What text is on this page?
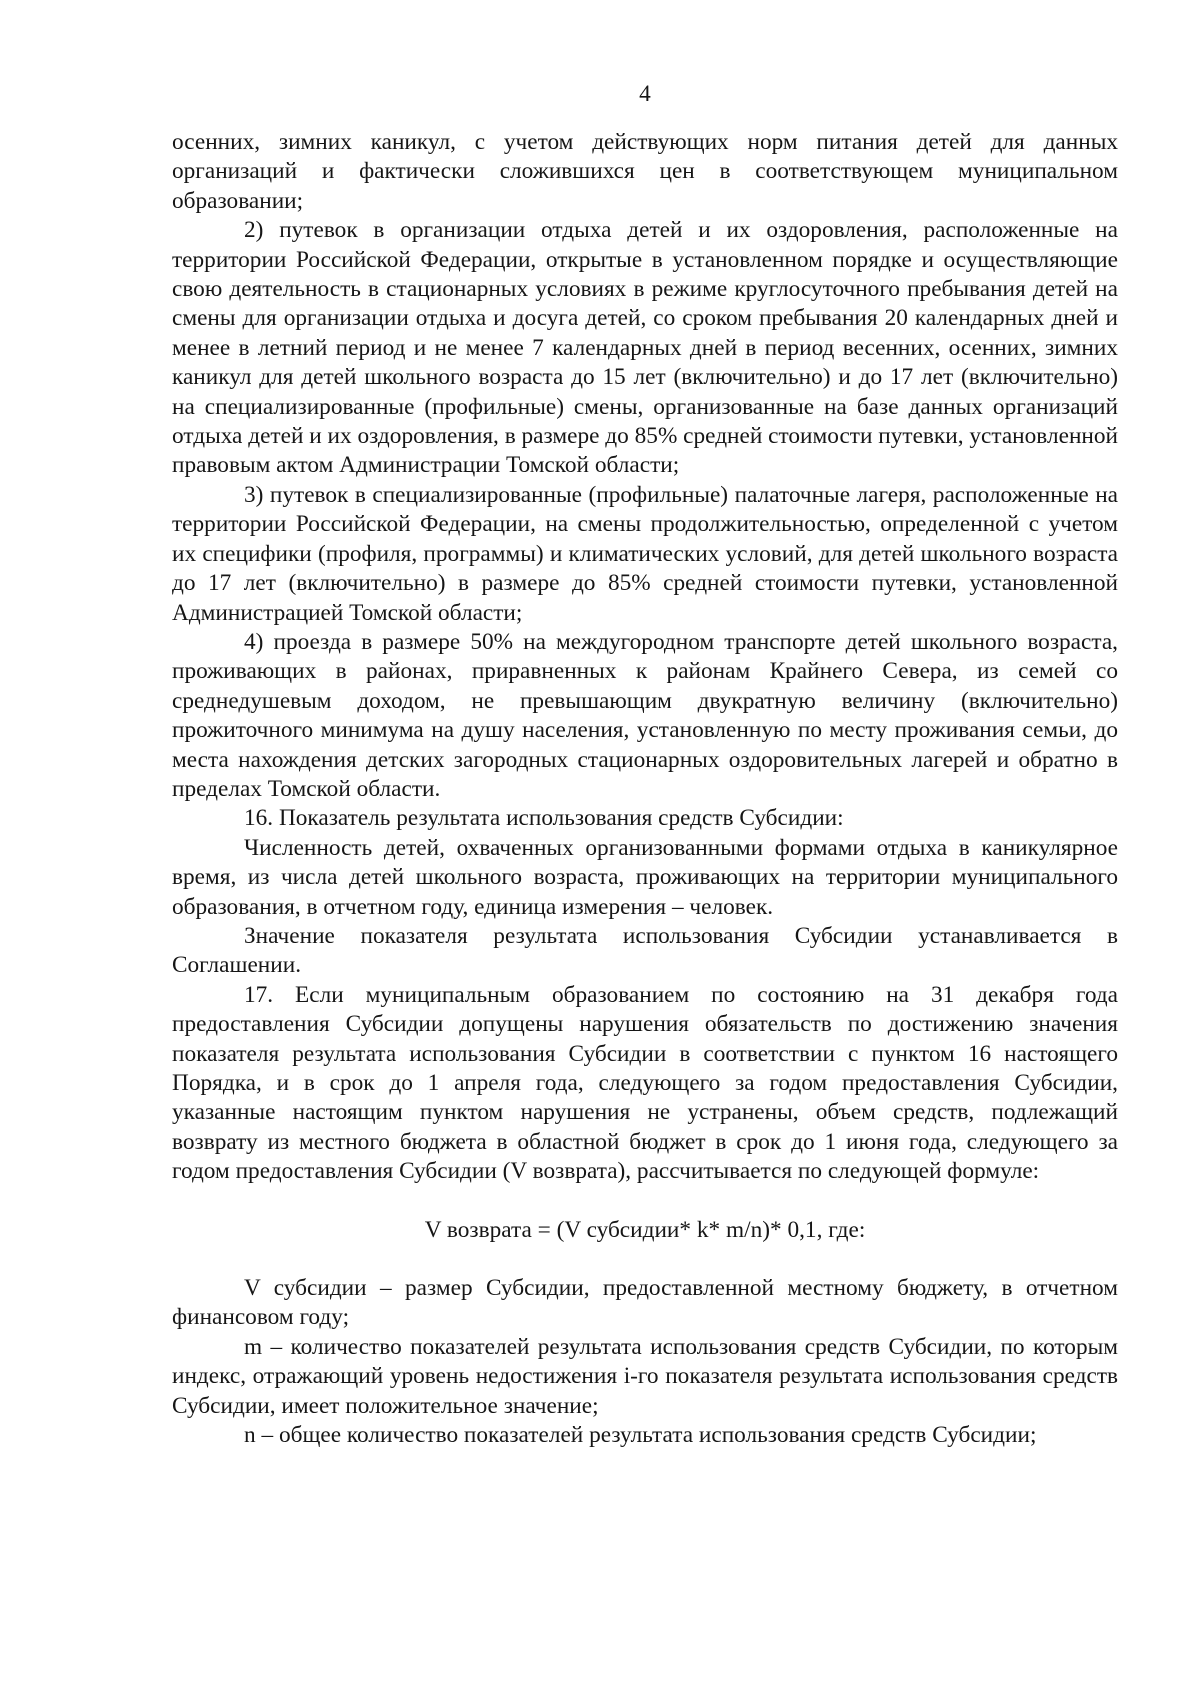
4

осенних, зимних каникул, с учетом действующих норм питания детей для данных организаций и фактически сложившихся цен в соответствующем муниципальном образовании;

2) путевок в организации отдыха детей и их оздоровления, расположенные на территории Российской Федерации, открытые в установленном порядке и осуществляющие свою деятельность в стационарных условиях в режиме круглосуточного пребывания детей на смены для организации отдыха и досуга детей, со сроком пребывания 20 календарных дней и менее в летний период и не менее 7 календарных дней в период весенних, осенних, зимних каникул для детей школьного возраста до 15 лет (включительно) и до 17 лет (включительно) на специализированные (профильные) смены, организованные на базе данных организаций отдыха детей и их оздоровления, в размере до 85% средней стоимости путевки, установленной правовым актом Администрации Томской области;

3) путевок в специализированные (профильные) палаточные лагеря, расположенные на территории Российской Федерации, на смены продолжительностью, определенной с учетом их специфики (профиля, программы) и климатических условий, для детей школьного возраста до 17 лет (включительно) в размере до 85% средней стоимости путевки, установленной Администрацией Томской области;

4) проезда в размере 50% на междугородном транспорте детей школьного возраста, проживающих в районах, приравненных к районам Крайнего Севера, из семей со среднедушевым доходом, не превышающим двукратную величину (включительно) прожиточного минимума на душу населения, установленную по месту проживания семьи, до места нахождения детских загородных стационарных оздоровительных лагерей и обратно в пределах Томской области.

16. Показатель результата использования средств Субсидии:

Численность детей, охваченных организованными формами отдыха в каникулярное время, из числа детей школьного возраста, проживающих на территории муниципального образования, в отчетном году, единица измерения – человек.

Значение показателя результата использования Субсидии устанавливается в Соглашении.

17. Если муниципальным образованием по состоянию на 31 декабря года предоставления Субсидии допущены нарушения обязательств по достижению значения показателя результата использования Субсидии в соответствии с пунктом 16 настоящего Порядка, и в срок до 1 апреля года, следующего за годом предоставления Субсидии, указанные настоящим пунктом нарушения не устранены, объем средств, подлежащий возврату из местного бюджета в областной бюджет в срок до 1 июня года, следующего за годом предоставления Субсидии (V возврата), рассчитывается по следующей формуле:

V возврата = (V субсидии* k* m/n)* 0,1, где:

V субсидии – размер Субсидии, предоставленной местному бюджету, в отчетном финансовом году;

m – количество показателей результата использования средств Субсидии, по которым индекс, отражающий уровень недостижения i-го показателя результата использования средств Субсидии, имеет положительное значение;

n – общее количество показателей результата использования средств Субсидии;
